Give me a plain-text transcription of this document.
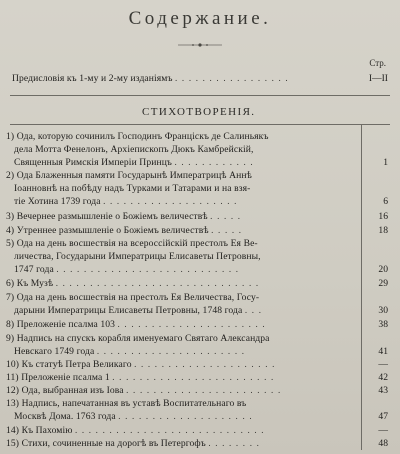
Содержание.
Стр.
Предисловія къ 1-му и 2-му изданіямъ . . . . . . . . . . . . . . . . .	I—II
СТИХОТВОРЕНІЯ.
1) Ода, которую сочинилъ Господинъ Франціскъ де Салиньякъ
дела Мотта Фенелонъ, Архіепископъ Дюкъ Камбрейскій,
Священныя Римскія Имперіи Принцъ . . . . . . . . . . . .	1
2) Ода Блаженныя памяти Государынѣ Императрицѣ Аннѣ
Іоанновнѣ на побѣду надъ Турками и Татарами и на взя-
тіе Хотина 1739 года . . . . . . . . . . . . . . . . . . . .	6
3) Вечернее размышленіе о Божіемъ величествѣ . . . . .	16
4) Утреннее размышленіе о Божіемъ величествѣ . . . . .	18
5) Ода на день восшествія на всероссійскій престолъ Ея Ве-
личества, Государыни Императрицы Елисаветы Петровны,
1747 года . . . . . . . . . . . . . . . . . . . . . . . . . . .	20
6) Къ Музѣ . . . . . . . . . . . . . . . . . . . . . . . . . . . . . .	29
7) Ода на день восшествія на престолъ Ея Величества, Госу-
дарыни Императрицы Елисаветы Петровны, 1748 года . . .	30
8) Преложеніе псалма 103 . . . . . . . . . . . . . . . . . . . . . .	38
9) Надпись на спускъ корабля именуемаго Святаго Александра
Невскаго 1749 года . . . . . . . . . . . . . . . . . . . . . .	41
10) Къ статуѣ Петра Великаго . . . . . . . . . . . . . . . . . . . . .	—
11) Преложеніе псалма 1 . . . . . . . . . . . . . . . . . . . . . . . .	42
12) Ода, выбранная изъ Іова . . . . . . . . . . . . . . . . . . . . . . .	43
13) Надпись, напечатанная въ уставѣ Воспитательнаго въ
Москвѣ Дома. 1763 года . . . . . . . . . . . . . . . . . . . .	47
14) Къ Пахомію . . . . . . . . . . . . . . . . . . . . . . . . . . . .	—
15) Стихи, сочиненные на дорогѣ въ Петергофъ . . . . . . . .	48
